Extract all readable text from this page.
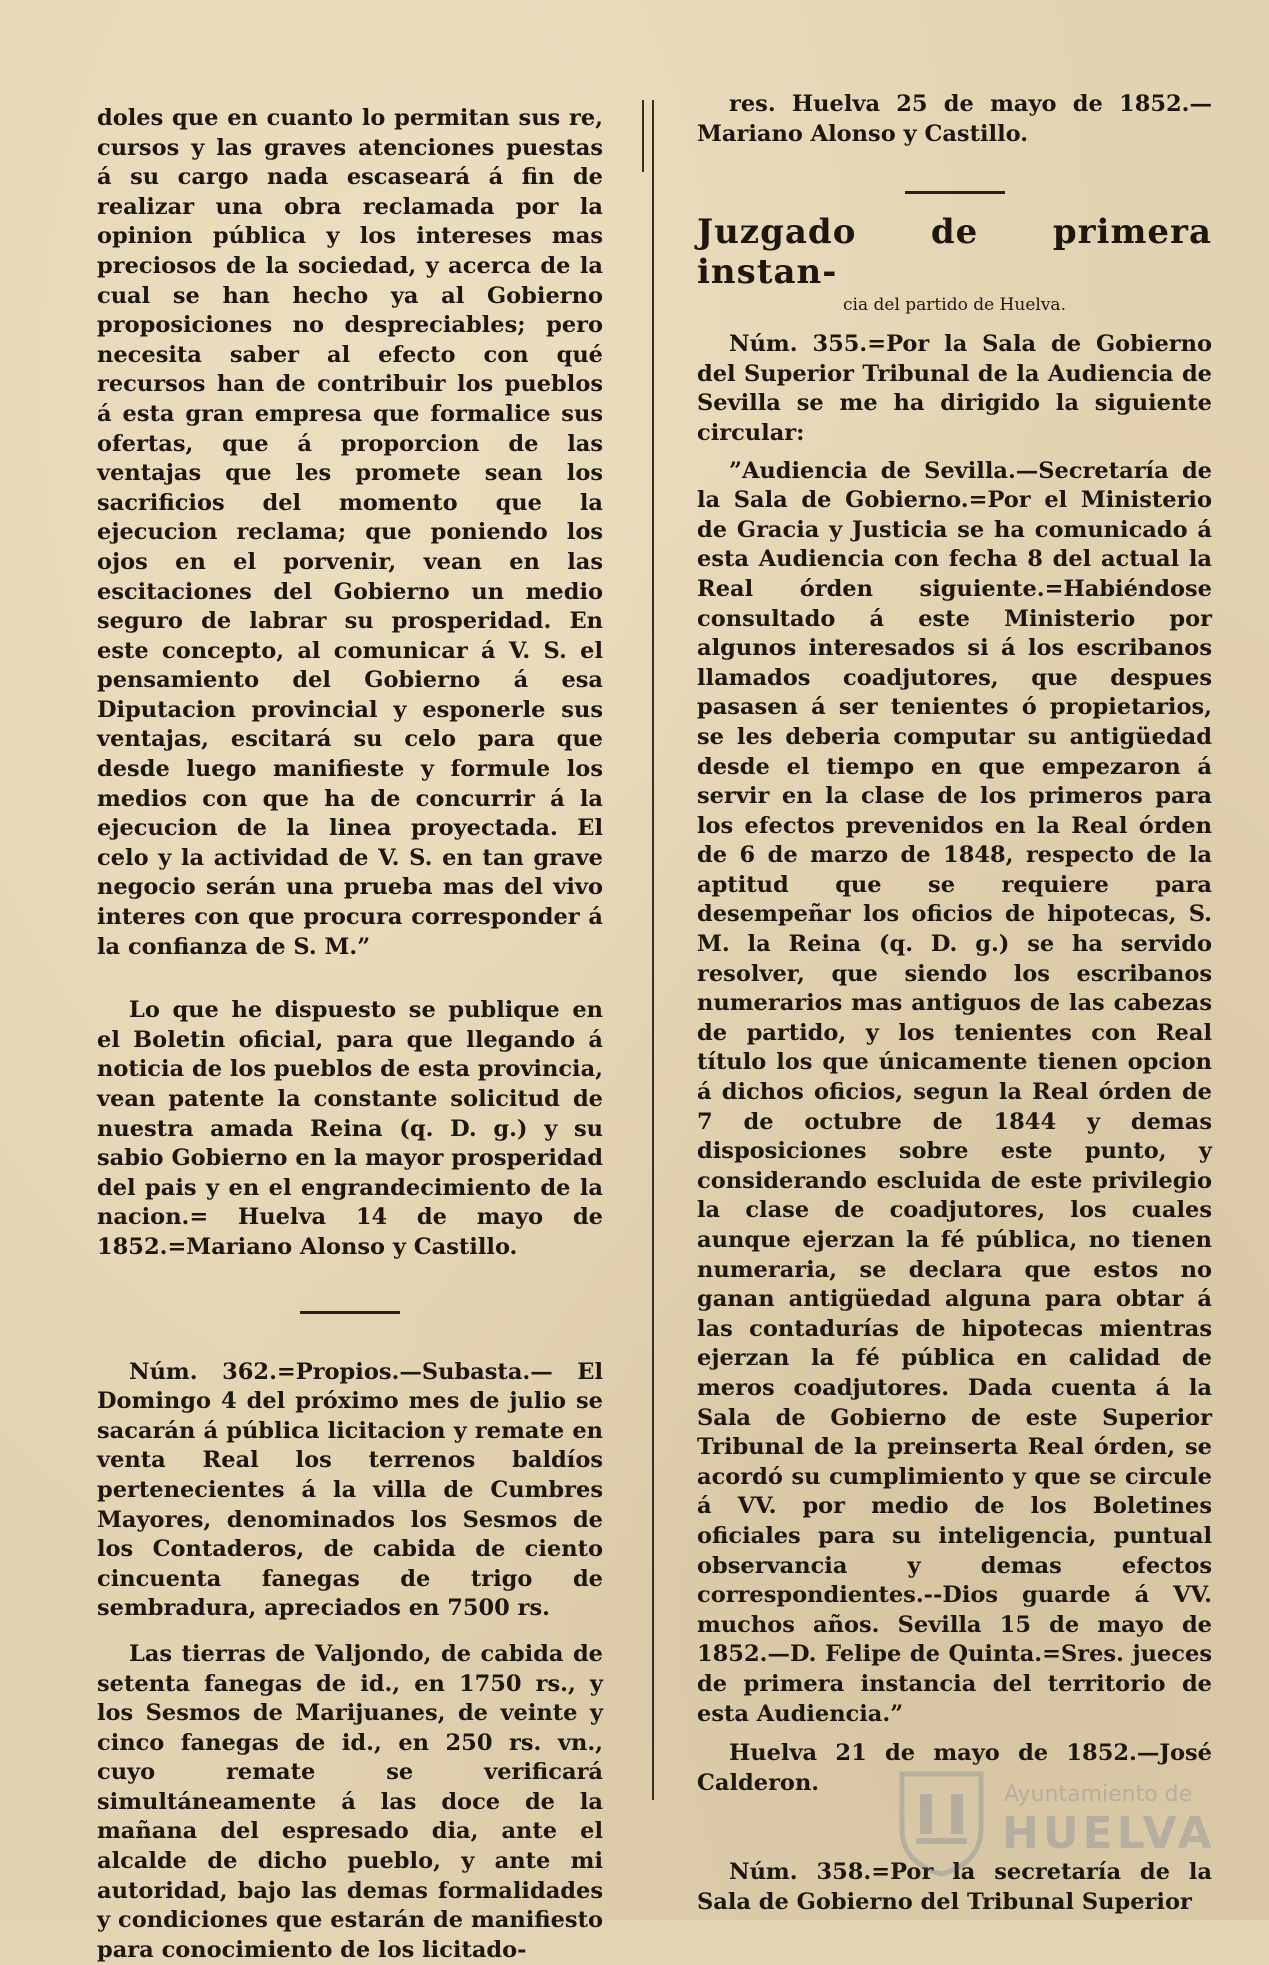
doles que en cuanto lo permitan sus re, cursos y las graves atenciones puestas á su cargo nada escaseará á fin de realizar una obra reclamada por la opinion pública y los intereses mas preciosos de la sociedad, y acerca de la cual se han hecho ya al Gobierno proposiciones no despreciables; pero necesita saber al efecto con qué recursos han de contribuir los pueblos á esta gran empresa que formalice sus ofertas, que á proporcion de las ventajas que les promete sean los sacrificios del momento que la ejecucion reclama; que poniendo los ojos en el porvenir, vean en las escitaciones del Gobierno un medio seguro de labrar su prosperidad. En este concepto, al comunicar á V. S. el pensamiento del Gobierno á esa Diputacion provincial y esponerle sus ventajas, escitará su celo para que desde luego manifieste y formule los medios con que ha de concurrir á la ejecucion de la linea proyectada. El celo y la actividad de V. S. en tan grave negocio serán una prueba mas del vivo interes con que procura corresponder á la confianza de S. M.”

Lo que he dispuesto se publique en el Boletin oficial, para que llegando á noticia de los pueblos de esta provincia, vean patente la constante solicitud de nuestra amada Reina (q. D. g.) y su sabio Gobierno en la mayor prosperidad del pais y en el engrandecimiento de la nacion.= Huelva 14 de mayo de 1852.=Mariano Alonso y Castillo.

Núm. 362.=Propios.—Subasta.— El Domingo 4 del próximo mes de julio se sacarán á pública licitacion y remate en venta Real los terrenos baldíos pertenecientes á la villa de Cumbres Mayores, denominados los Sesmos de los Contaderos, de cabida de ciento cincuenta fanegas de trigo de sembradura, apreciados en 7500 rs.

Las tierras de Valjondo, de cabida de setenta fanegas de id., en 1750 rs., y los Sesmos de Marijuanes, de veinte y cinco fanegas de id., en 250 rs. vn., cuyo remate se verificará simultáneamente á las doce de la mañana del espresado dia, ante el alcalde de dicho pueblo, y ante mi autoridad, bajo las demas formalidades y condiciones que estarán de manifiesto para conocimiento de los licitado-

res. Huelva 25 de mayo de 1852.—Mariano Alonso y Castillo.

Juzgado de primera instan-
cia del partido de Huelva.

Núm. 355.=Por la Sala de Gobierno del Superior Tribunal de la Audiencia de Sevilla se me ha dirigido la siguiente circular:

”Audiencia de Sevilla.—Secretaría de la Sala de Gobierno.=Por el Ministerio de Gracia y Justicia se ha comunicado á esta Audiencia con fecha 8 del actual la Real órden siguiente.=Habiéndose consultado á este Ministerio por algunos interesados si á los escribanos llamados coadjutores, que despues pasasen á ser tenientes ó propietarios, se les deberia computar su antigüedad desde el tiempo en que empezaron á servir en la clase de los primeros para los efectos prevenidos en la Real órden de 6 de marzo de 1848, respecto de la aptitud que se requiere para desempeñar los oficios de hipotecas, S. M. la Reina (q. D. g.) se ha servido resolver, que siendo los escribanos numerarios mas antiguos de las cabezas de partido, y los tenientes con Real título los que únicamente tienen opcion á dichos oficios, segun la Real órden de 7 de octubre de 1844 y demas disposiciones sobre este punto, y considerando escluida de este privilegio la clase de coadjutores, los cuales aunque ejerzan la fé pública, no tienen numeraria, se declara que estos no ganan antigüedad alguna para obtar á las contadurías de hipotecas mientras ejerzan la fé pública en calidad de meros coadjutores. Dada cuenta á la Sala de Gobierno de este Superior Tribunal de la preinserta Real órden, se acordó su cumplimiento y que se circule á VV. por medio de los Boletines oficiales para su inteligencia, puntual observancia y demas efectos correspondientes.--Dios guarde á VV. muchos años. Sevilla 15 de mayo de 1852.—D. Felipe de Quinta.=Sres. jueces de primera instancia del territorio de esta Audiencia.”

Huelva 21 de mayo de 1852.—José Calderon.

Núm. 358.=Por la secretaría de la Sala de Gobierno del Tribunal Superior

Ayuntamiento de
HUELVA
